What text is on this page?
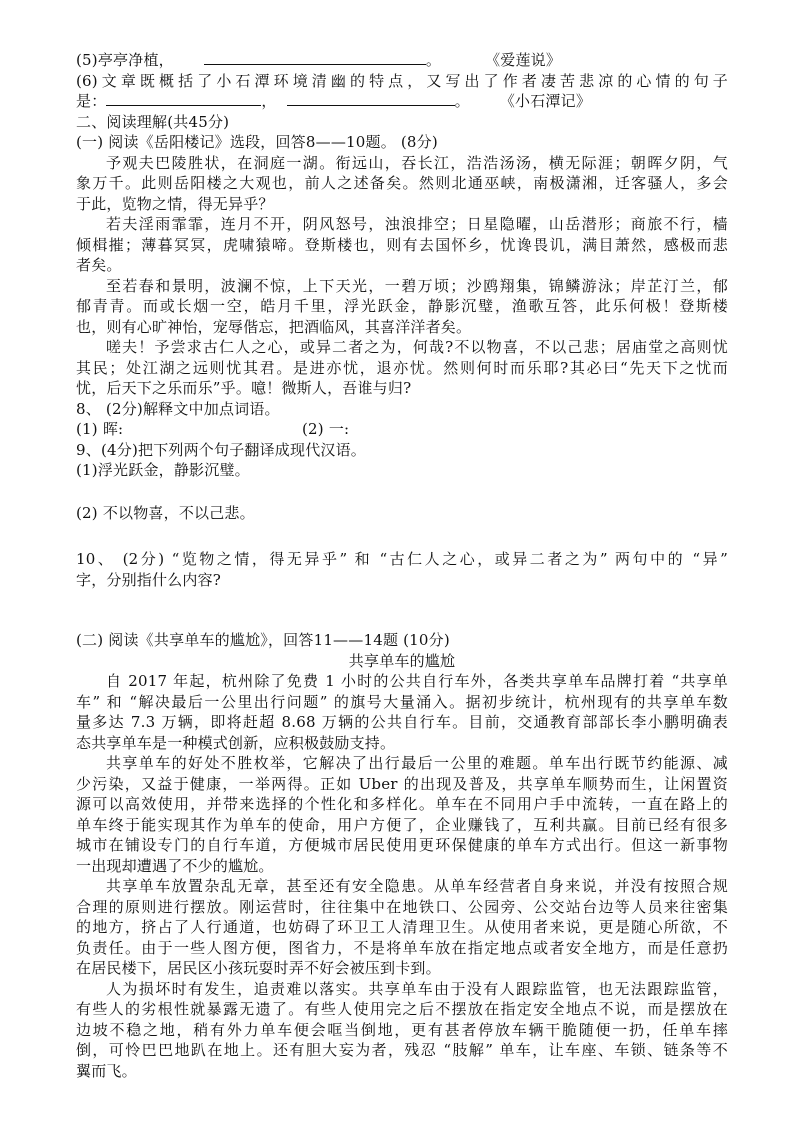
(5)亭亭净植，	。	《爱莲说》
(6)文章既概括了小石潭环境清幽的特点，又写出了作者凄苦悲凉的心情的句子
是：	，	。 《小石潭记》
二、阅读理解(共45分)
(一) 阅读《岳阳楼记》选段，回答8——10题。 (8分)
予观夫巴陵胜状，在洞庭一湖。衔远山，吞长江，浩浩汤汤，横无际涯；朝晖夕阴，气
象万千。此则岳阳楼之大观也，前人之述备矣。然则北通巫峡，南极潇湘，迁客骚人，多会
于此，览物之情，得无异乎？
若夫淫雨霏霏，连月不开，阴风怒号，浊浪排空；日星隐曜，山岳潜形；商旅不行，樯
倾楫摧；薄暮冥冥，虎啸猿啼。登斯楼也，则有去国怀乡，忧谗畏讥，满目萧然，感极而悲
者矣。
至若春和景明，波澜不惊，上下天光，一碧万顷；沙鸥翔集，锦鳞游泳；岸芷汀兰，郁
郁青青。而或长烟一空，皓月千里，浮光跃金，静影沉璧，渔歌互答，此乐何极！登斯楼
也，则有心旷神怡，宠辱偕忘，把酒临风，其喜洋洋者矣。
嗟夫！予尝求古仁人之心，或异二者之为，何哉?不以物喜，不以己悲；居庙堂之高则忧
其民；处江湖之远则忧其君。是进亦忧，退亦忧。然则何时而乐耶?其必曰“先天下之忧而
忧，后天下之乐而乐”乎。噫！微斯人，吾谁与归?
8、 (2分)解释文中加点词语。
(1) 晖:	(2) 一:
9、(4分)把下列两个句子翻译成现代汉语。
(1)浮光跃金，静影沉璧。
(2) 不以物喜，不以己悲。
10、 (2分) “览物之情，得无异乎” 和 “古仁人之心，或异二者之为” 两句中的 “异”
字，分别指什么内容?
(二) 阅读《共享单车的尴尬》，回答11——14题 (10分)
共享单车的尴尬
自 2017 年起，杭州除了免费 1 小时的公共自行车外，各类共享单车品牌打着 “共享单
车” 和 “解决最后一公里出行问题” 的旗号大量涌入。据初步统计，杭州现有的共享单车数
量多达 7.3 万辆，即将赶超 8.68 万辆的公共自行车。目前，交通教育部部长李小鹏明确表
态共享单车是一种模式创新，应积极鼓励支持。
共享单车的好处不胜枚举，它解决了出行最后一公里的难题。单车出行既节约能源、减
少污染，又益于健康，一举两得。正如 Uber 的出现及普及，共享单车顺势而生，让闲置资
源可以高效使用，并带来选择的个性化和多样化。单车在不同用户手中流转，一直在路上的
单车终于能实现其作为单车的使命，用户方便了，企业赚钱了，互利共赢。目前已经有很多
城市在铺设专门的自行车道，方便城市居民使用更环保健康的单车方式出行。但这一新事物
一出现却遭遇了不少的尴尬。
共享单车放置杂乱无章，甚至还有安全隐患。从单车经营者自身来说，并没有按照合规
合理的原则进行摆放。刚运营时，往往集中在地铁口、公园旁、公交站台边等人员来往密集
的地方，挤占了人行通道，也妨碍了环卫工人清理卫生。从使用者来说，更是随心所欲，不
负责任。由于一些人图方便，图省力，不是将单车放在指定地点或者安全地方，而是任意扔
在居民楼下，居民区小孩玩耍时弄不好会被压到卡到。
人为损坏时有发生，追责难以落实。共享单车由于没有人跟踪监管，也无法跟踪监管，
有些人的劣根性就暴露无遗了。有些人使用完之后不摆放在指定安全地点不说，而是摆放在
边坡不稳之地，稍有外力单车便会哐当倒地，更有甚者停放车辆干脆随便一扔，任单车摔
倒，可怜巴巴地趴在地上。还有胆大妄为者，残忍 “肢解” 单车，让车座、车锁、链条等不
翼而飞。
